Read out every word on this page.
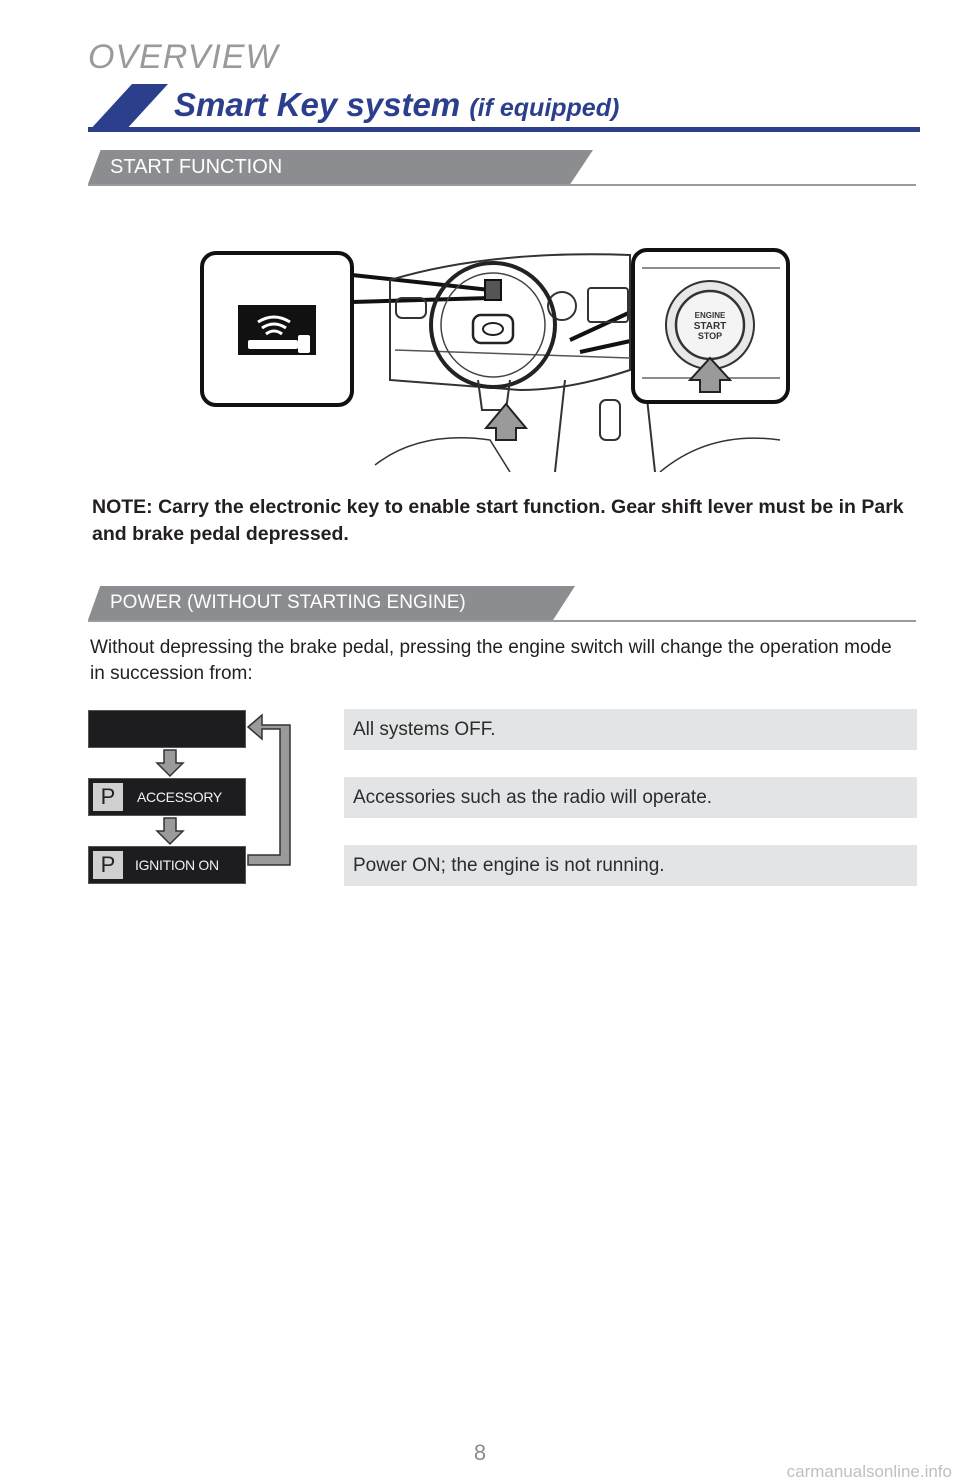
OVERVIEW
Smart Key system (if equipped)
START FUNCTION
ENGINE
START
STOP
NOTE: Carry the electronic key to enable start function. Gear shift lever must be in Park and brake pedal depressed.
POWER (WITHOUT STARTING ENGINE)
Without depressing the brake pedal, pressing the engine switch will change the operation mode in succession from:
P	ACCESSORY
P	IGNITION ON
All systems OFF.
Accessories such as the radio will operate.
Power ON; the engine is not running.
8
carmanualsonline.info
